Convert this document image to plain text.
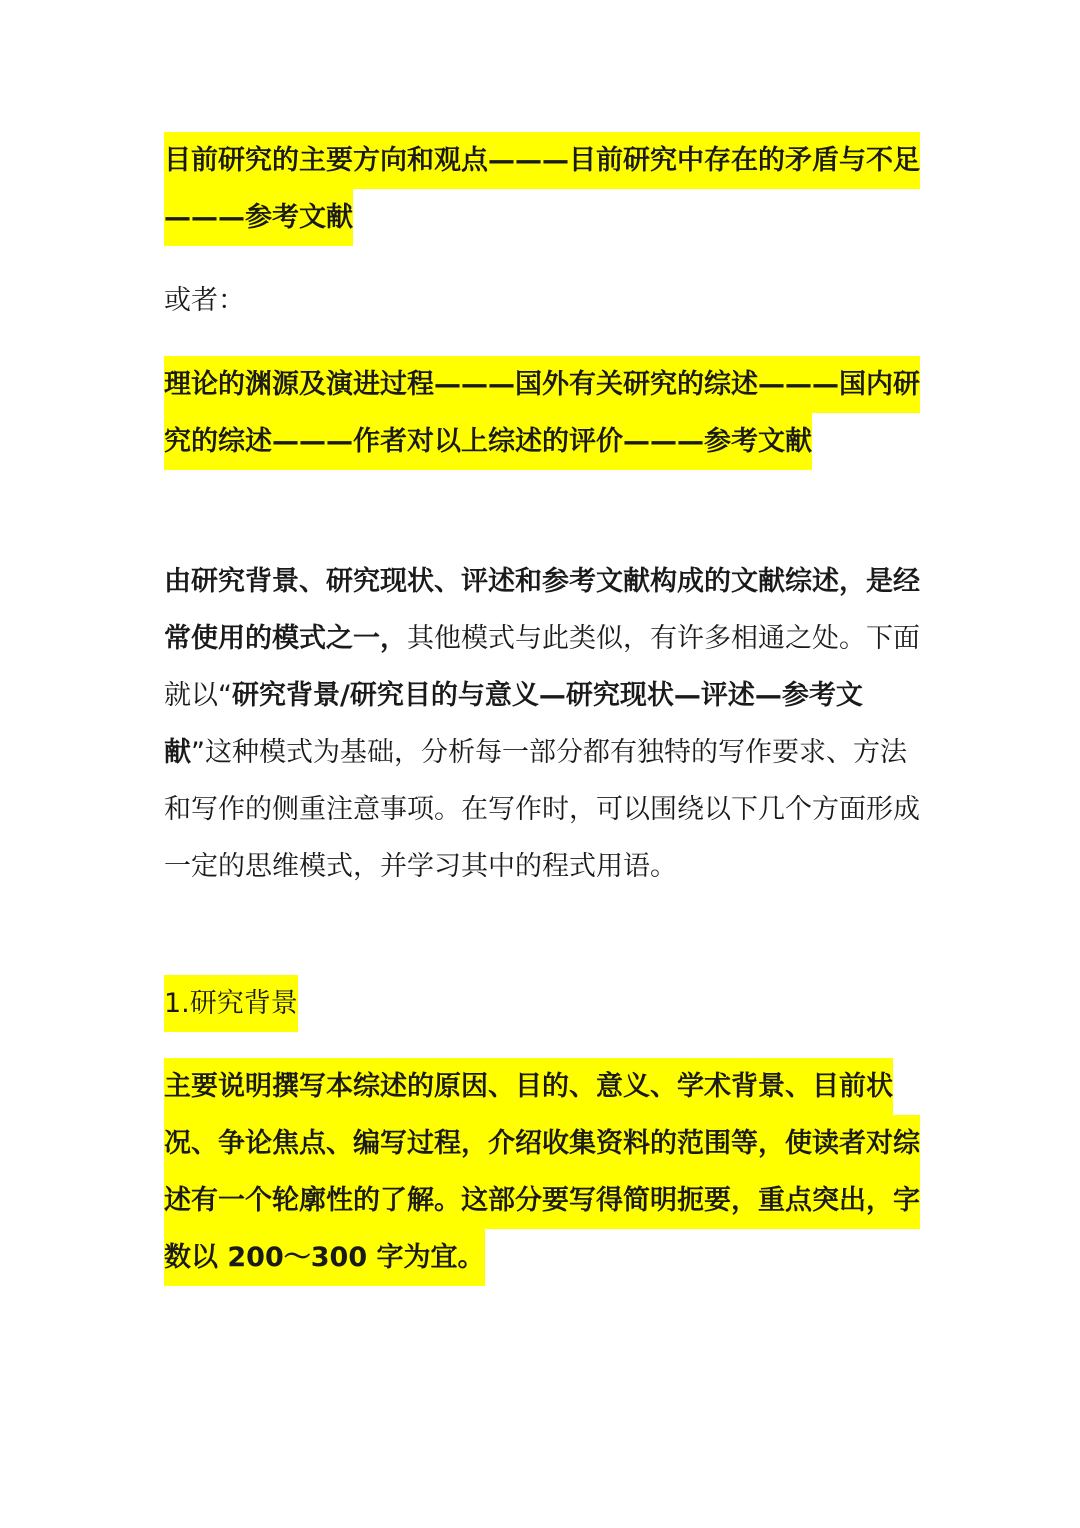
目前研究的主要方向和观点———目前研究中存在的矛盾与不足———参考文献

或者：

理论的渊源及演进过程———国外有关研究的综述———国内研究的综述———作者对以上综述的评价———参考文献

由研究背景、研究现状、评述和参考文献构成的文献综述，是经常使用的模式之一，其他模式与此类似，有许多相通之处。下面就以“研究背景/研究目的与意义—研究现状—评述—参考文献”这种模式为基础，分析每一部分都有独特的写作要求、方法和写作的侧重注意事项。在写作时，可以围绕以下几个方面形成一定的思维模式，并学习其中的程式用语。

1.研究背景

主要说明撰写本综述的原因、目的、意义、学术背景、目前状况、争论焦点、编写过程，介绍收集资料的范围等，使读者对综述有一个轮廓性的了解。这部分要写得简明扼要，重点突出，字数以 200～300 字为宜。
